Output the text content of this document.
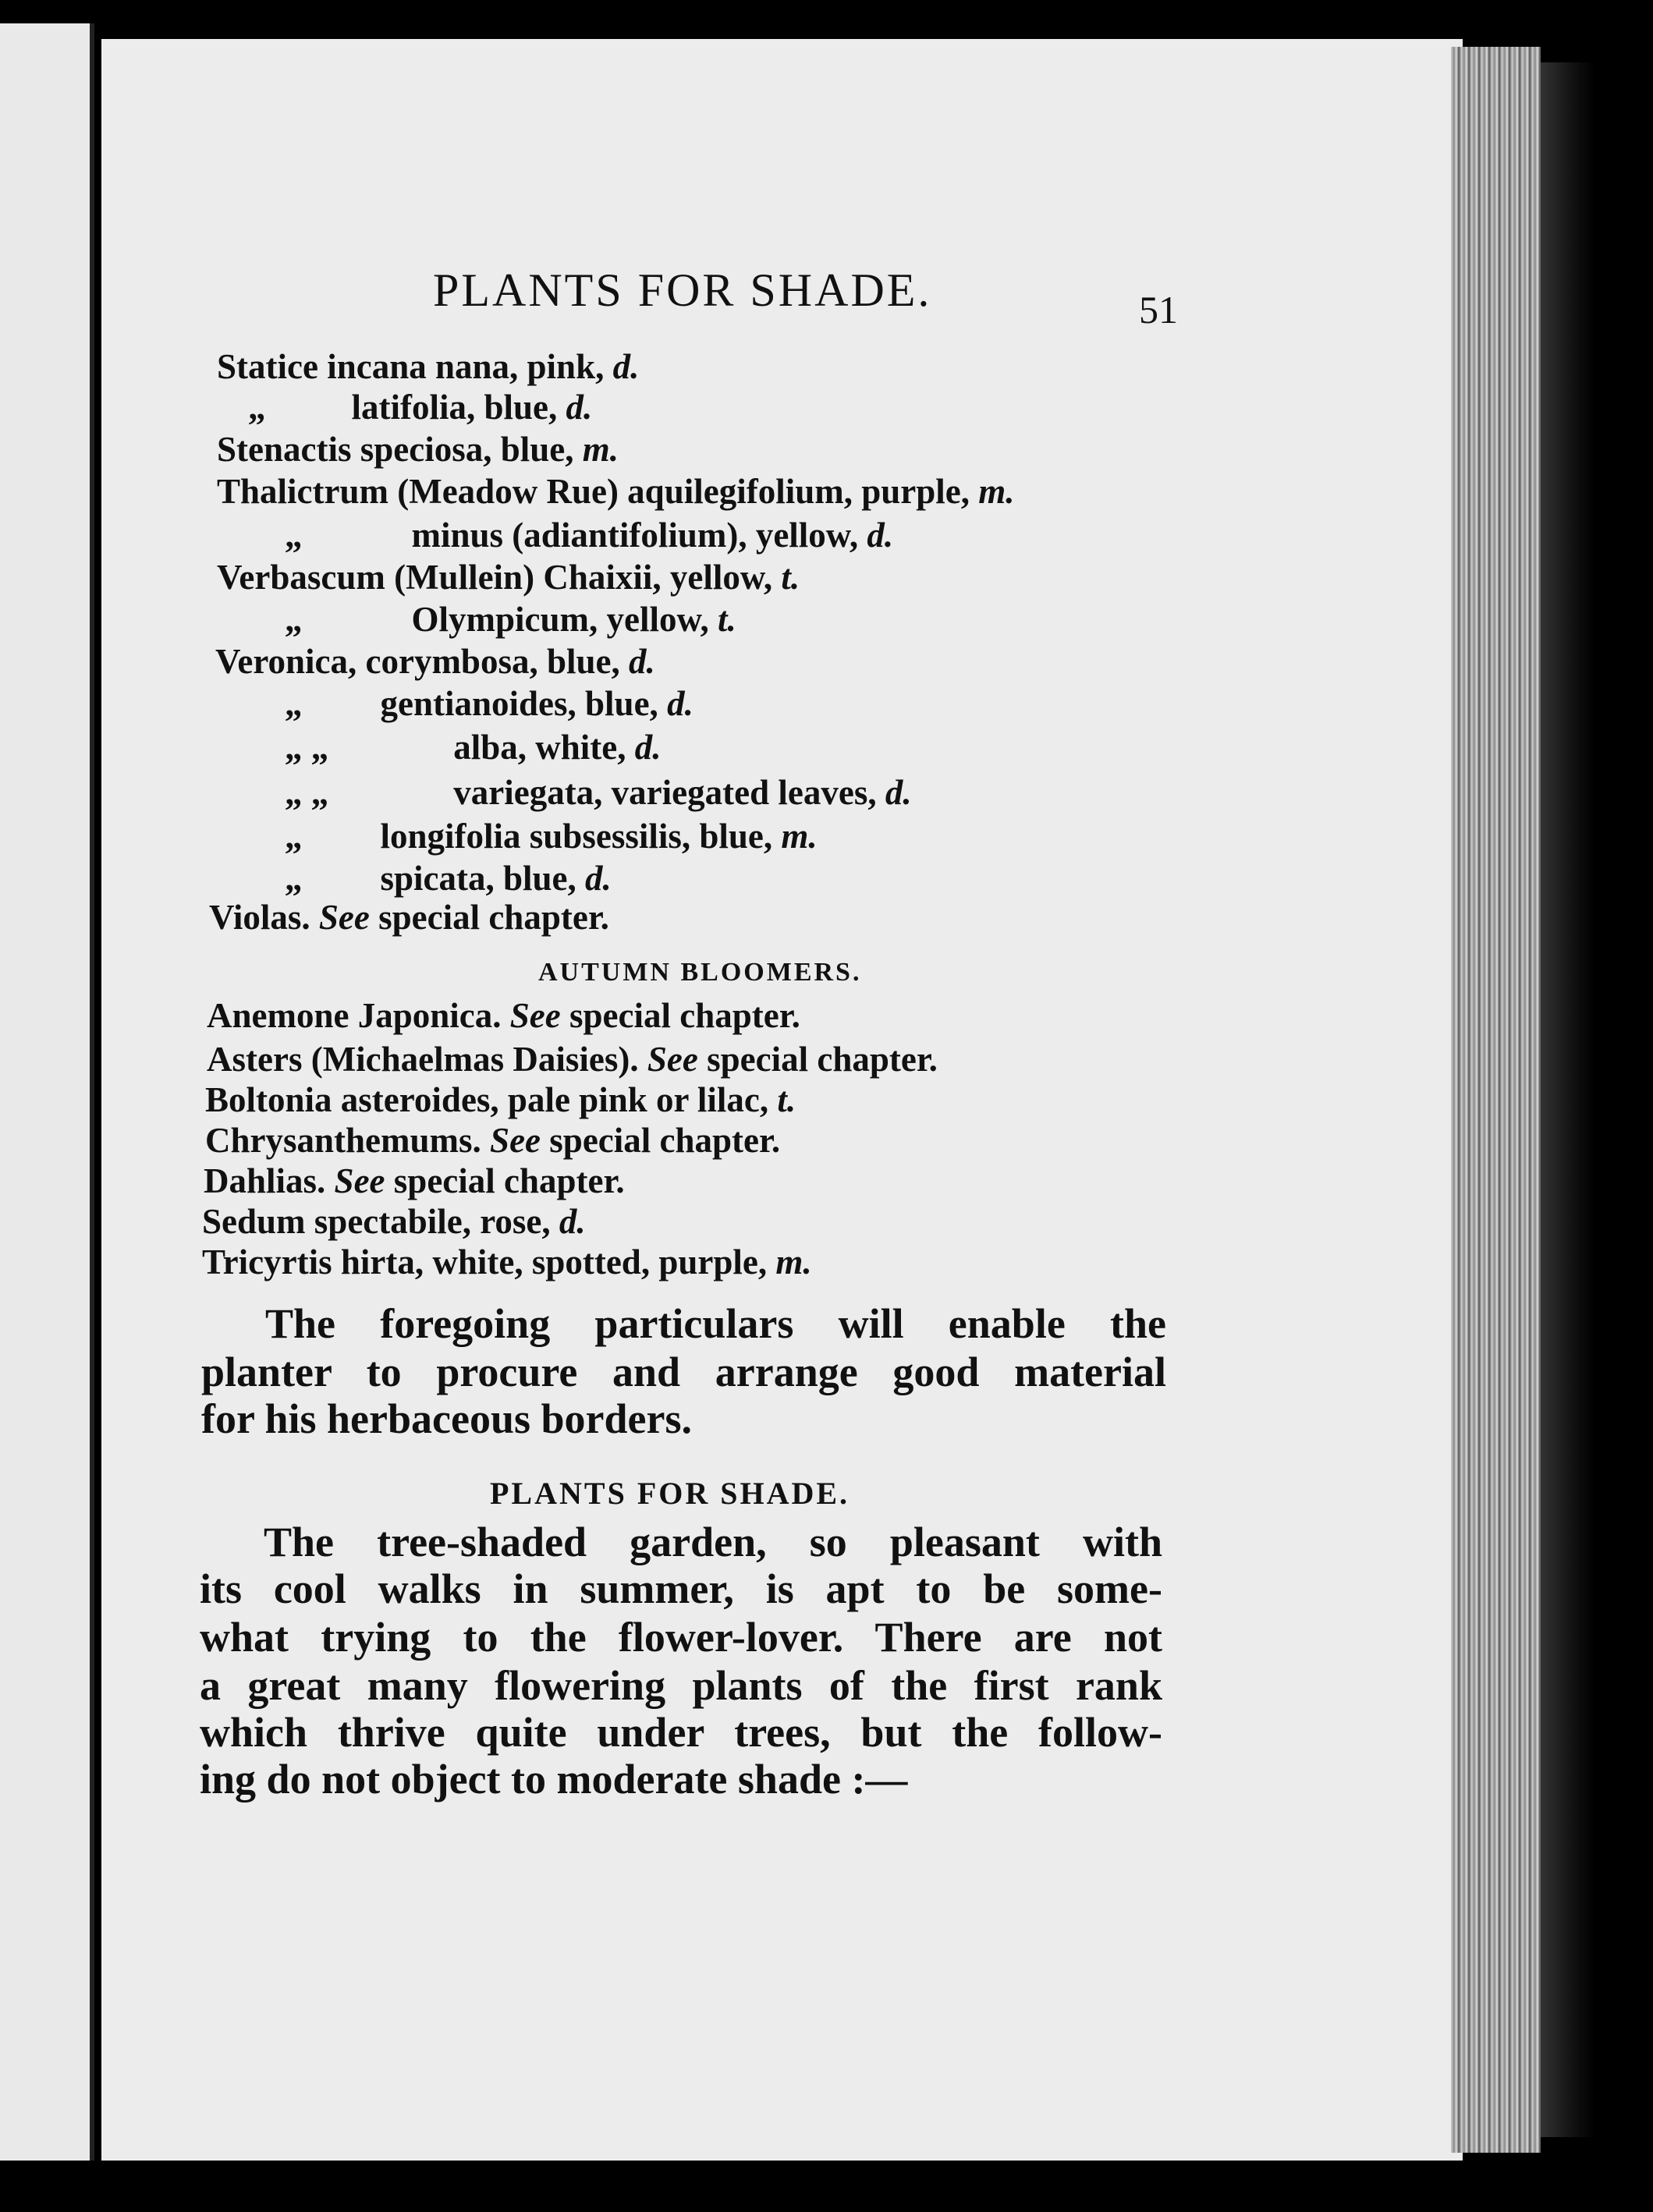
PLANTS FOR SHADE.	51
Statice incana nana, pink, d.
„ latifolia, blue, d.
Stenactis speciosa, blue, m.
Thalictrum (Meadow Rue) aquilegifolium, purple, m.
„	minus (adiantifolium), yellow, d.
Verbascum (Mullein) Chaixii, yellow, t.
„	Olympicum, yellow, t.
Veronica, corymbosa, blue, d.
„ gentianoides, blue, d.
„ „	alba, white, d.
„ „	variegata, variegated leaves, d.
„ longifolia subsessilis, blue, m.
„ spicata, blue, d.
Violas. See special chapter.
AUTUMN BLOOMERS.
Anemone Japonica. See special chapter.
Asters (Michaelmas Daisies). See special chapter.
Boltonia asteroides, pale pink or lilac, t.
Chrysanthemums. See special chapter.
Dahlias. See special chapter.
Sedum spectabile, rose, d.
Tricyrtis hirta, white, spotted, purple, m.
The foregoing particulars will enable the
planter to procure and arrange good material
for his herbaceous borders.
PLANTS FOR SHADE.
The tree-shaded garden, so pleasant with
its cool walks in summer, is apt to be some-
what trying to the flower-lover. There are not
a great many flowering plants of the first rank
which thrive quite under trees, but the follow-
ing do not object to moderate shade :—
